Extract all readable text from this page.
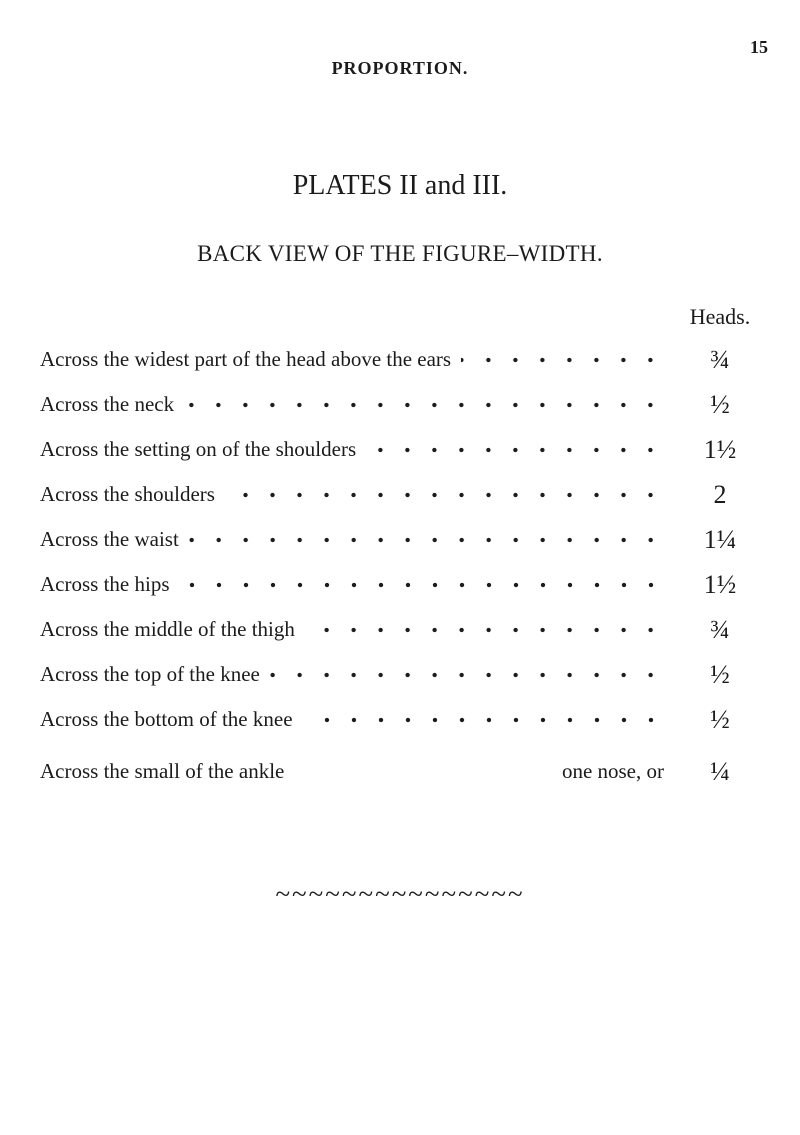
15
PROPORTION.
PLATES II and III.
BACK VIEW OF THE FIGURE–WIDTH.
Heads.
Across the widest part of the head above the ears	¾
Across the neck	½
Across the setting on of the shoulders	1½
Across the shoulders	2
Across the waist	1¼
Across the hips	1½
Across the middle of the thigh	¾
Across the top of the knee	½
Across the bottom of the knee	½
Across the small of the ankle	one nose, or	¼
~~~~~~~~~~~~~~~
